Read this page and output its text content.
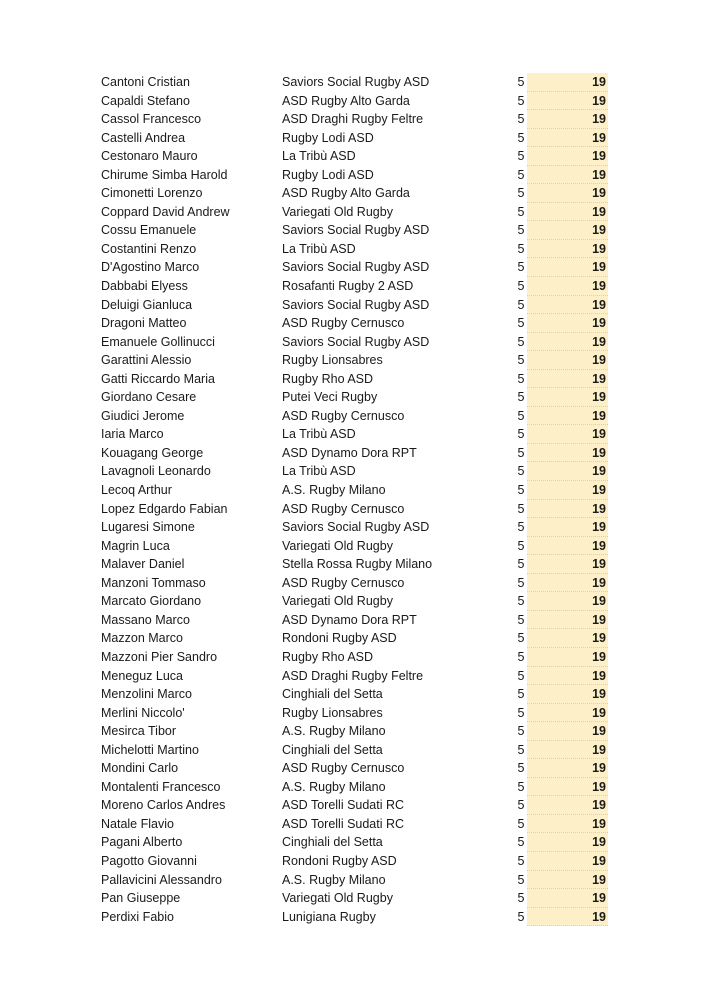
Cantoni Cristian	Saviors Social Rugby ASD	5	19
Capaldi Stefano	ASD Rugby Alto Garda	5	19
Cassol Francesco	ASD Draghi Rugby Feltre	5	19
Castelli Andrea	Rugby Lodi ASD	5	19
Cestonaro Mauro	La Tribù ASD	5	19
Chirume Simba Harold	Rugby Lodi ASD	5	19
Cimonetti Lorenzo	ASD Rugby Alto Garda	5	19
Coppard David Andrew	Variegati Old Rugby	5	19
Cossu Emanuele	Saviors Social Rugby ASD	5	19
Costantini Renzo	La Tribù ASD	5	19
D'Agostino Marco	Saviors Social Rugby ASD	5	19
Dabbabi Elyess	Rosafanti Rugby 2 ASD	5	19
Deluigi Gianluca	Saviors Social Rugby ASD	5	19
Dragoni Matteo	ASD Rugby Cernusco	5	19
Emanuele Gollinucci	Saviors Social Rugby ASD	5	19
Garattini Alessio	Rugby Lionsabres	5	19
Gatti Riccardo Maria	Rugby Rho ASD	5	19
Giordano Cesare	Putei Veci Rugby	5	19
Giudici Jerome	ASD Rugby Cernusco	5	19
Iaria Marco	La Tribù ASD	5	19
Kouagang George	ASD Dynamo Dora RPT	5	19
Lavagnoli Leonardo	La Tribù ASD	5	19
Lecoq Arthur	A.S. Rugby Milano	5	19
Lopez Edgardo Fabian	ASD Rugby Cernusco	5	19
Lugaresi Simone	Saviors Social Rugby ASD	5	19
Magrin Luca	Variegati Old Rugby	5	19
Malaver Daniel	Stella Rossa Rugby Milano	5	19
Manzoni Tommaso	ASD Rugby Cernusco	5	19
Marcato Giordano	Variegati Old Rugby	5	19
Massano Marco	ASD Dynamo Dora RPT	5	19
Mazzon Marco	Rondoni Rugby ASD	5	19
Mazzoni Pier Sandro	Rugby Rho ASD	5	19
Meneguz Luca	ASD Draghi Rugby Feltre	5	19
Menzolini Marco	Cinghiali del Setta	5	19
Merlini Niccolo'	Rugby Lionsabres	5	19
Mesirca Tibor	A.S. Rugby Milano	5	19
Michelotti Martino	Cinghiali del Setta	5	19
Mondini Carlo	ASD Rugby Cernusco	5	19
Montalenti Francesco	A.S. Rugby Milano	5	19
Moreno Carlos Andres	ASD Torelli Sudati RC	5	19
Natale Flavio	ASD Torelli Sudati RC	5	19
Pagani Alberto	Cinghiali del Setta	5	19
Pagotto Giovanni	Rondoni Rugby ASD	5	19
Pallavicini Alessandro	A.S. Rugby Milano	5	19
Pan Giuseppe	Variegati Old Rugby	5	19
Perdixi Fabio	Lunigiana Rugby	5	19
